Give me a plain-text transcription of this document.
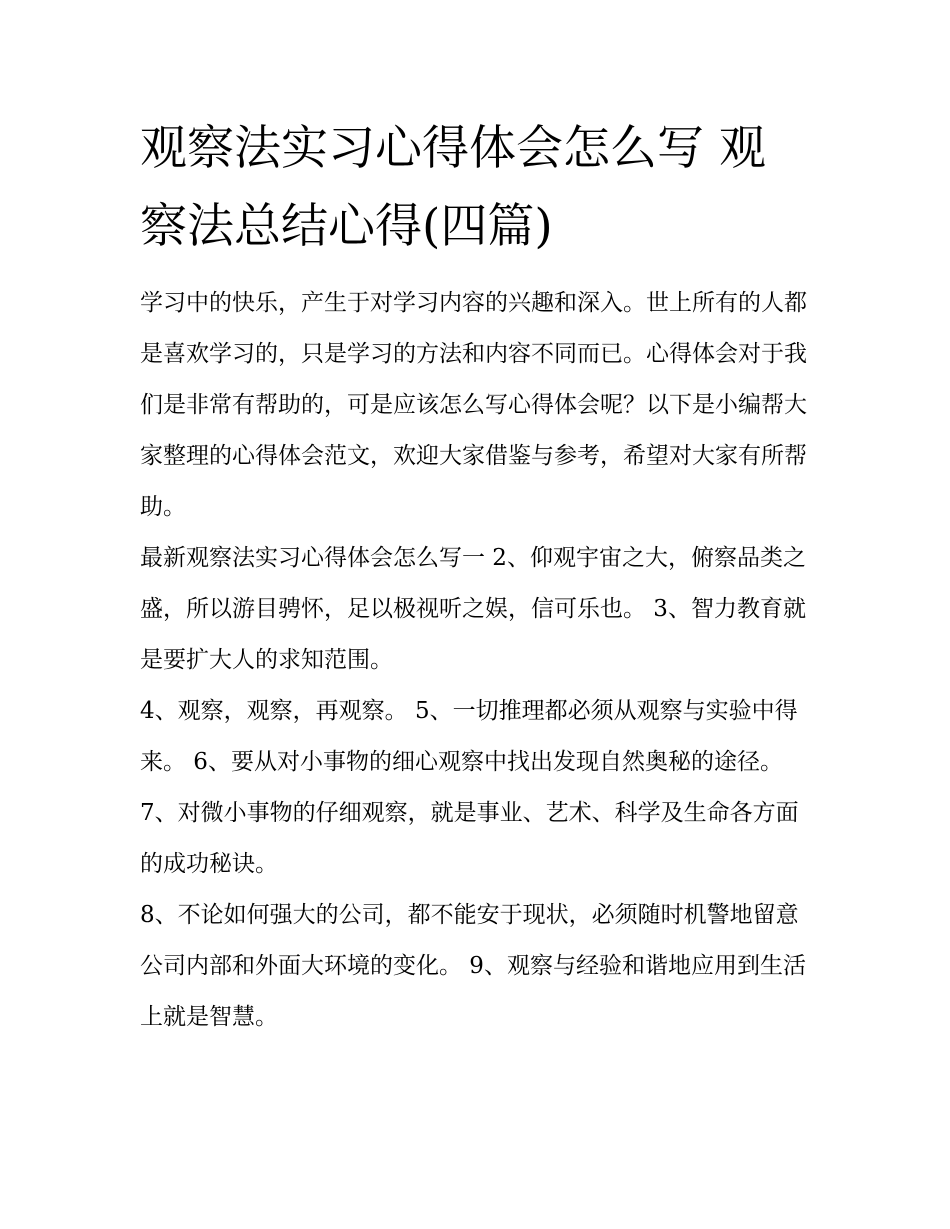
观察法实习心得体会怎么写 观察法总结心得(四篇)

学习中的快乐，产生于对学习内容的兴趣和深入。世上所有的人都是喜欢学习的，只是学习的方法和内容不同而已。心得体会对于我们是非常有帮助的，可是应该怎么写心得体会呢？以下是小编帮大家整理的心得体会范文，欢迎大家借鉴与参考，希望对大家有所帮助。

最新观察法实习心得体会怎么写一 2、仰观宇宙之大，俯察品类之盛，所以游目骋怀，足以极视听之娱，信可乐也。 3、智力教育就是要扩大人的求知范围。

4、观察，观察，再观察。 5、一切推理都必须从观察与实验中得来。 6、要从对小事物的细心观察中找出发现自然奥秘的途径。

7、对微小事物的仔细观察，就是事业、艺术、科学及生命各方面的成功秘诀。

8、不论如何强大的公司，都不能安于现状，必须随时机警地留意公司内部和外面大环境的变化。 9、观察与经验和谐地应用到生活上就是智慧。
